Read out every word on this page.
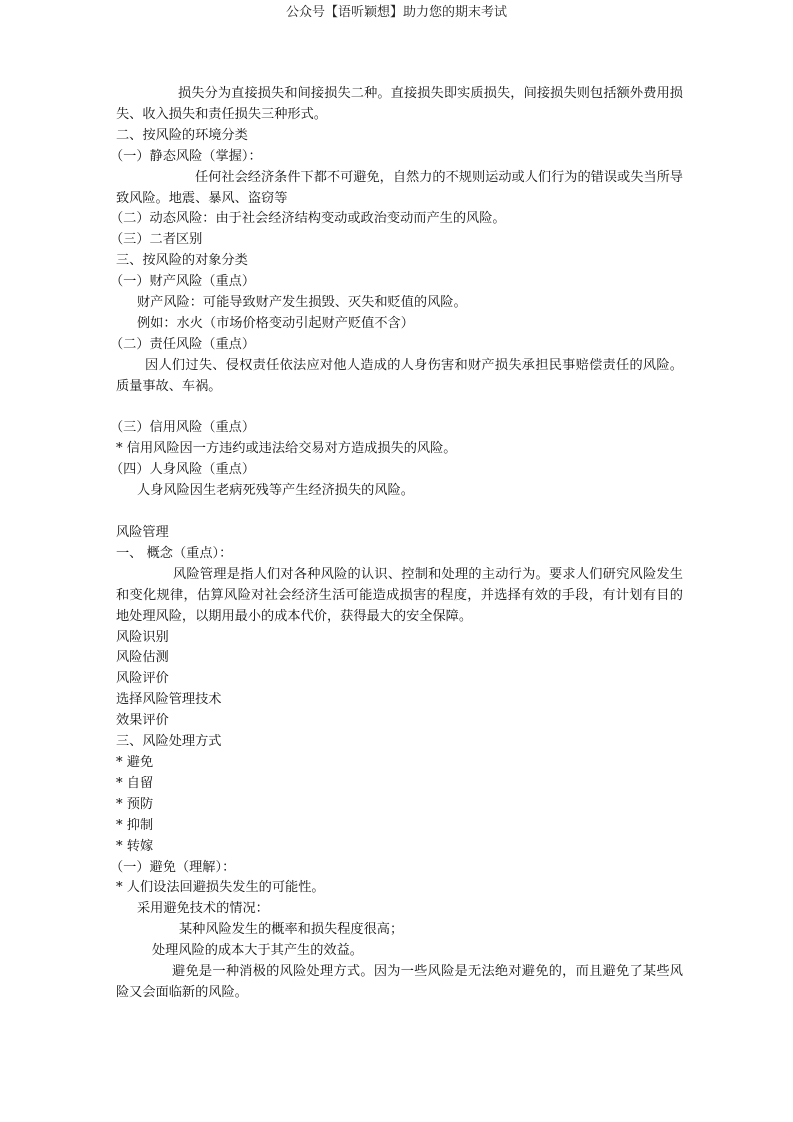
公众号【语听颖想】助力您的期末考试

损失分为直接损失和间接损失二种。直接损失即实质损失，间接损失则包括额外费用损失、收入损失和责任损失三种形式。

二、按风险的环境分类

（一）静态风险（掌握）：

任何社会经济条件下都不可避免，自然力的不规则运动或人们行为的错误或失当所导致风险。地震、暴风、盗窃等

（二）动态风险：由于社会经济结构变动或政治变动而产生的风险。

（三）二者区别

三、按风险的对象分类

（一）财产风险（重点）

财产风险：可能导致财产发生损毁、灭失和贬值的风险。

例如：水火（市场价格变动引起财产贬值不含）

（二）责任风险（重点）

因人们过失、侵权责任依法应对他人造成的人身伤害和财产损失承担民事赔偿责任的风险。质量事故、车祸。

（三）信用风险（重点）

* 信用风险因一方违约或违法给交易对方造成损失的风险。

（四）人身风险（重点）

人身风险因生老病死残等产生经济损失的风险。

风险管理

一、 概念（重点）：

风险管理是指人们对各种风险的认识、控制和处理的主动行为。要求人们研究风险发生和变化规律，估算风险对社会经济生活可能造成损害的程度，并选择有效的手段，有计划有目的地处理风险，以期用最小的成本代价，获得最大的安全保障。

风险识别

风险估测

风险评价

选择风险管理技术

效果评价

三、风险处理方式

* 避免

* 自留

* 预防

* 抑制

* 转嫁

（一）避免（理解）：

* 人们设法回避损失发生的可能性。

采用避免技术的情况：

某种风险发生的概率和损失程度很高；

处理风险的成本大于其产生的效益。

避免是一种消极的风险处理方式。因为一些风险是无法绝对避免的，而且避免了某些风险又会面临新的风险。
